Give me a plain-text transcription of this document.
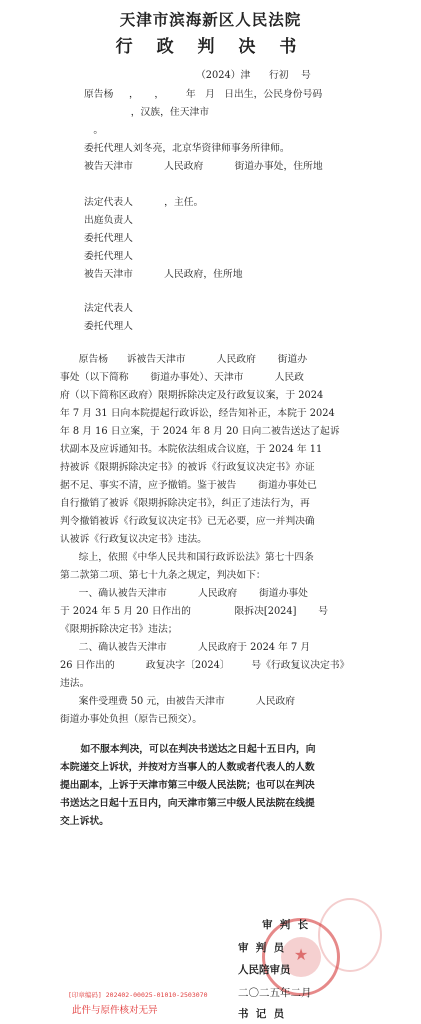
天津市滨海新区人民法院
行 政 判 决 书
（2024）津      行初    号
原告杨     ，     ，       年   月   日出生，公民身份号码
，汉族，住天津市
。
委托代理人刘冬亮，北京华资律师事务所律师。
被告天津市          人民政府          街道办事处，住所地
法定代表人          ，主任。
出庭负责人
委托代理人
委托代理人
被告天津市          人民政府，住所地
法定代表人
委托代理人
原告杨      诉被告天津市          人民政府       街道办
事处（以下简称       街道办事处）、天津市          人民政
府（以下简称区政府）限期拆除决定及行政复议案，于 2024
年 7 月 31 日向本院提起行政诉讼，经告知补正，本院于 2024
年 8 月 16 日立案，于 2024 年 8 月 20 日向二被告送达了起诉
状副本及应诉通知书。本院依法组成合议庭，于 2024 年 11
持被诉《限期拆除决定书》的被诉《行政复议决定书》亦证
据不足、事实不清，应予撤销。鉴于被告       街道办事处已
自行撤销了被诉《限期拆除决定书》，纠正了违法行为，再
判令撤销被诉《行政复议决定书》已无必要，应一并判决确
认被诉《行政复议决定书》违法。
综上，依照《中华人民共和国行政诉讼法》第七十四条
第二款第二项、第七十九条之规定，判决如下：
一、确认被告天津市          人民政府       街道办事处
于 2024 年 5 月 20 日作出的              限拆决[2024]       号
《限期拆除决定书》违法；
二、确认被告天津市          人民政府于 2024 年 7 月
26 日作出的          政复决字〔2024〕       号《行政复议决定书》
违法。
案件受理费 50 元，由被告天津市          人民政府
街道办事处负担（原告已预交）。
如不服本判决，可以在判决书送达之日起十五日内，向
本院递交上诉状，并按对方当事人的人数或者代表人的人数
提出副本，上诉于天津市第三中级人民法院；也可以在判决
书送达之日起十五日内，向天津市第三中级人民法院在线提
交上诉状。
★
审  判  长
审  判  员
人民陪审员
二〇二五年二月
书  记  员
[印章编码] 202402-00025-01010-2503070
此件与原件核对无异
